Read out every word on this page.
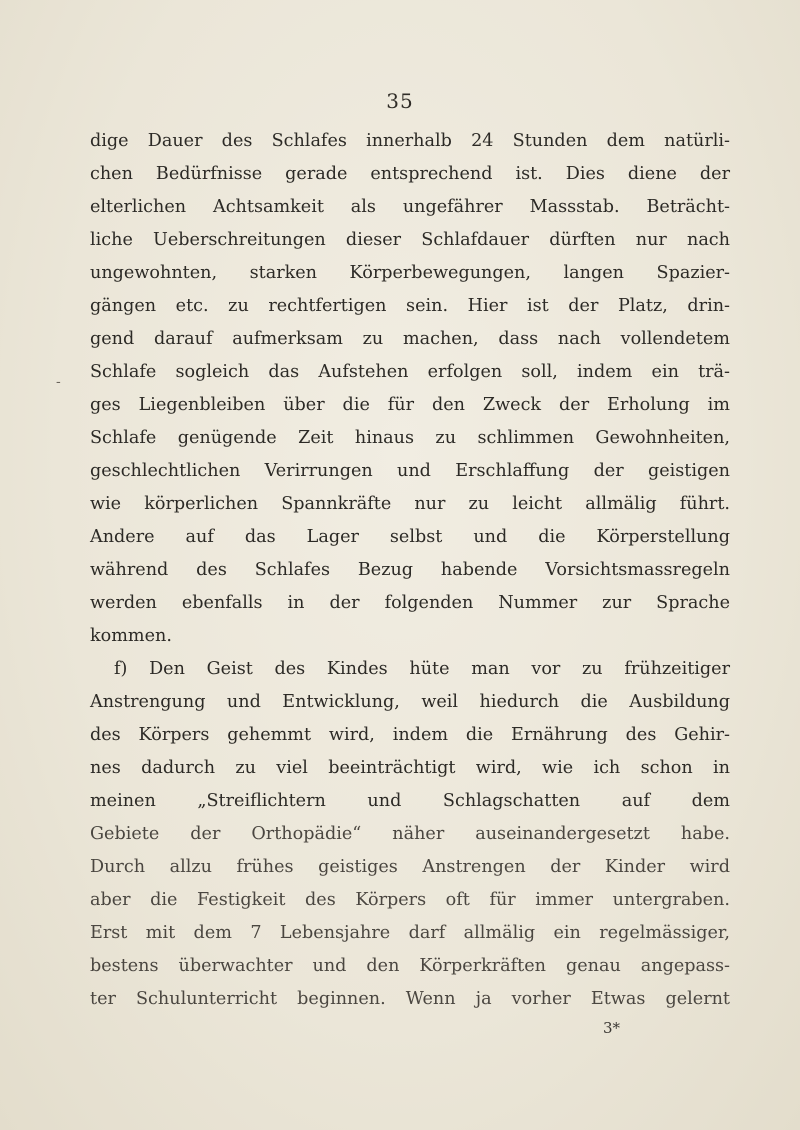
35
-
dige Dauer des Schlafes innerhalb 24 Stunden dem natürli-
chen Bedürfnisse gerade entsprechend ist. Dies diene der
elterlichen Achtsamkeit als ungefährer Massstab. Beträcht-
liche Ueberschreitungen dieser Schlafdauer dürften nur nach
ungewohnten, starken Körperbewegungen, langen Spazier-
gängen etc. zu rechtfertigen sein. Hier ist der Platz, drin-
gend darauf aufmerksam zu machen, dass nach vollendetem
Schlafe sogleich das Aufstehen erfolgen soll, indem ein trä-
ges Liegenbleiben über die für den Zweck der Erholung im
Schlafe genügende Zeit hinaus zu schlimmen Gewohnheiten,
geschlechtlichen Verirrungen und Erschlaffung der geistigen
wie körperlichen Spannkräfte nur zu leicht allmälig führt.
Andere auf das Lager selbst und die Körperstellung
während des Schlafes Bezug habende Vorsichtsmassregeln
werden ebenfalls in der folgenden Nummer zur Sprache
kommen.
f) Den Geist des Kindes hüte man vor zu frühzeitiger
Anstrengung und Entwicklung, weil hiedurch die Ausbildung
des Körpers gehemmt wird, indem die Ernährung des Gehir-
nes dadurch zu viel beeinträchtigt wird, wie ich schon in
meinen „Streiflichtern und Schlagschatten auf dem
Gebiete der Orthopädie“ näher auseinandergesetzt habe.
Durch allzu frühes geistiges Anstrengen der Kinder wird
aber die Festigkeit des Körpers oft für immer untergraben.
Erst mit dem 7 Lebensjahre darf allmälig ein regelmässiger,
bestens überwachter und den Körperkräften genau angepass-
ter Schulunterricht beginnen. Wenn ja vorher Etwas gelernt
3*
